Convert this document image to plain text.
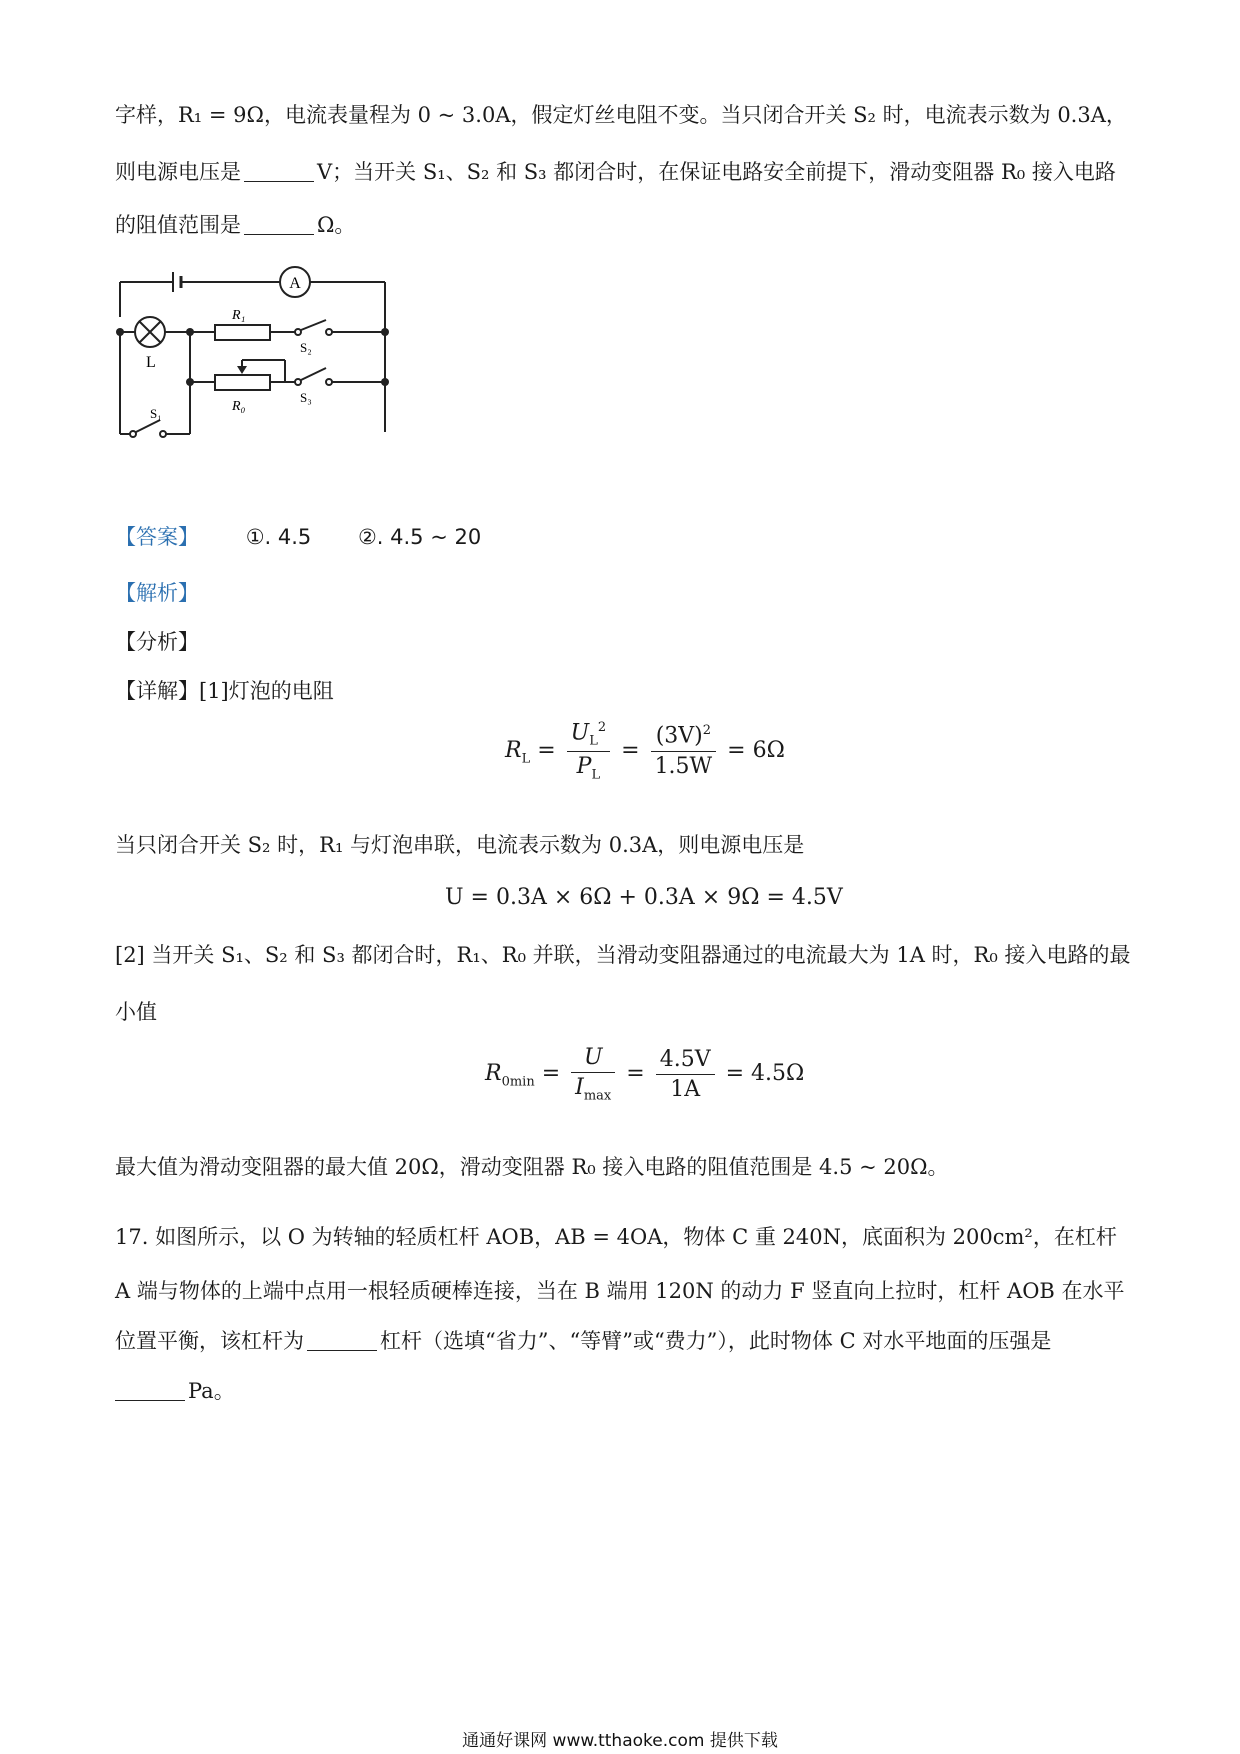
字样，R₁ = 9Ω，电流表量程为 0 ~ 3.0A，假定灯丝电阻不变。当只闭合开关 S₂ 时，电流表示数为 0.3A，
则电源电压是	V；当开关 S₁、S₂ 和 S₃ 都闭合时，在保证电路安全前提下，滑动变阻器 R₀ 接入电路
的阻值范围是	Ω。
A
L
R₁
R₀
S₂
S₃
S₁
【答案】 ①. 4.5 ②. 4.5 ~ 20
【解析】
【分析】
【详解】[1]灯泡的电阻
$R_L = \frac{U_L^2}{P_L} = \frac{(3V)^2}{1.5W} = 6\Omega$
当只闭合开关 S₂ 时，R₁ 与灯泡串联，电流表示数为 0.3A，则电源电压是
U = 0.3A × 6Ω + 0.3A × 9Ω = 4.5V
[2] 当开关 S₁、S₂ 和 S₃ 都闭合时，R₁、R₀ 并联，当滑动变阻器通过的电流最大为 1A 时，R₀ 接入电路的最
小值
$R_{0min} = \frac{U}{I_{max}} = \frac{4.5V}{1A} = 4.5\Omega$
最大值为滑动变阻器的最大值 20Ω，滑动变阻器 R₀ 接入电路的阻值范围是 4.5 ~ 20Ω。
17. 如图所示，以 O 为转轴的轻质杠杆 AOB，AB = 4OA，物体 C 重 240N，底面积为 200cm²，在杠杆
A 端与物体的上端中点用一根轻质硬棒连接，当在 B 端用 120N 的动力 F 竖直向上拉时，杠杆 AOB 在水平
位置平衡，该杠杆为	杠杆（选填“省力”、“等臂”或“费力”），此时物体 C 对水平地面的压强是
Pa。
通通好课网 www.tthaoke.com 提供下载
